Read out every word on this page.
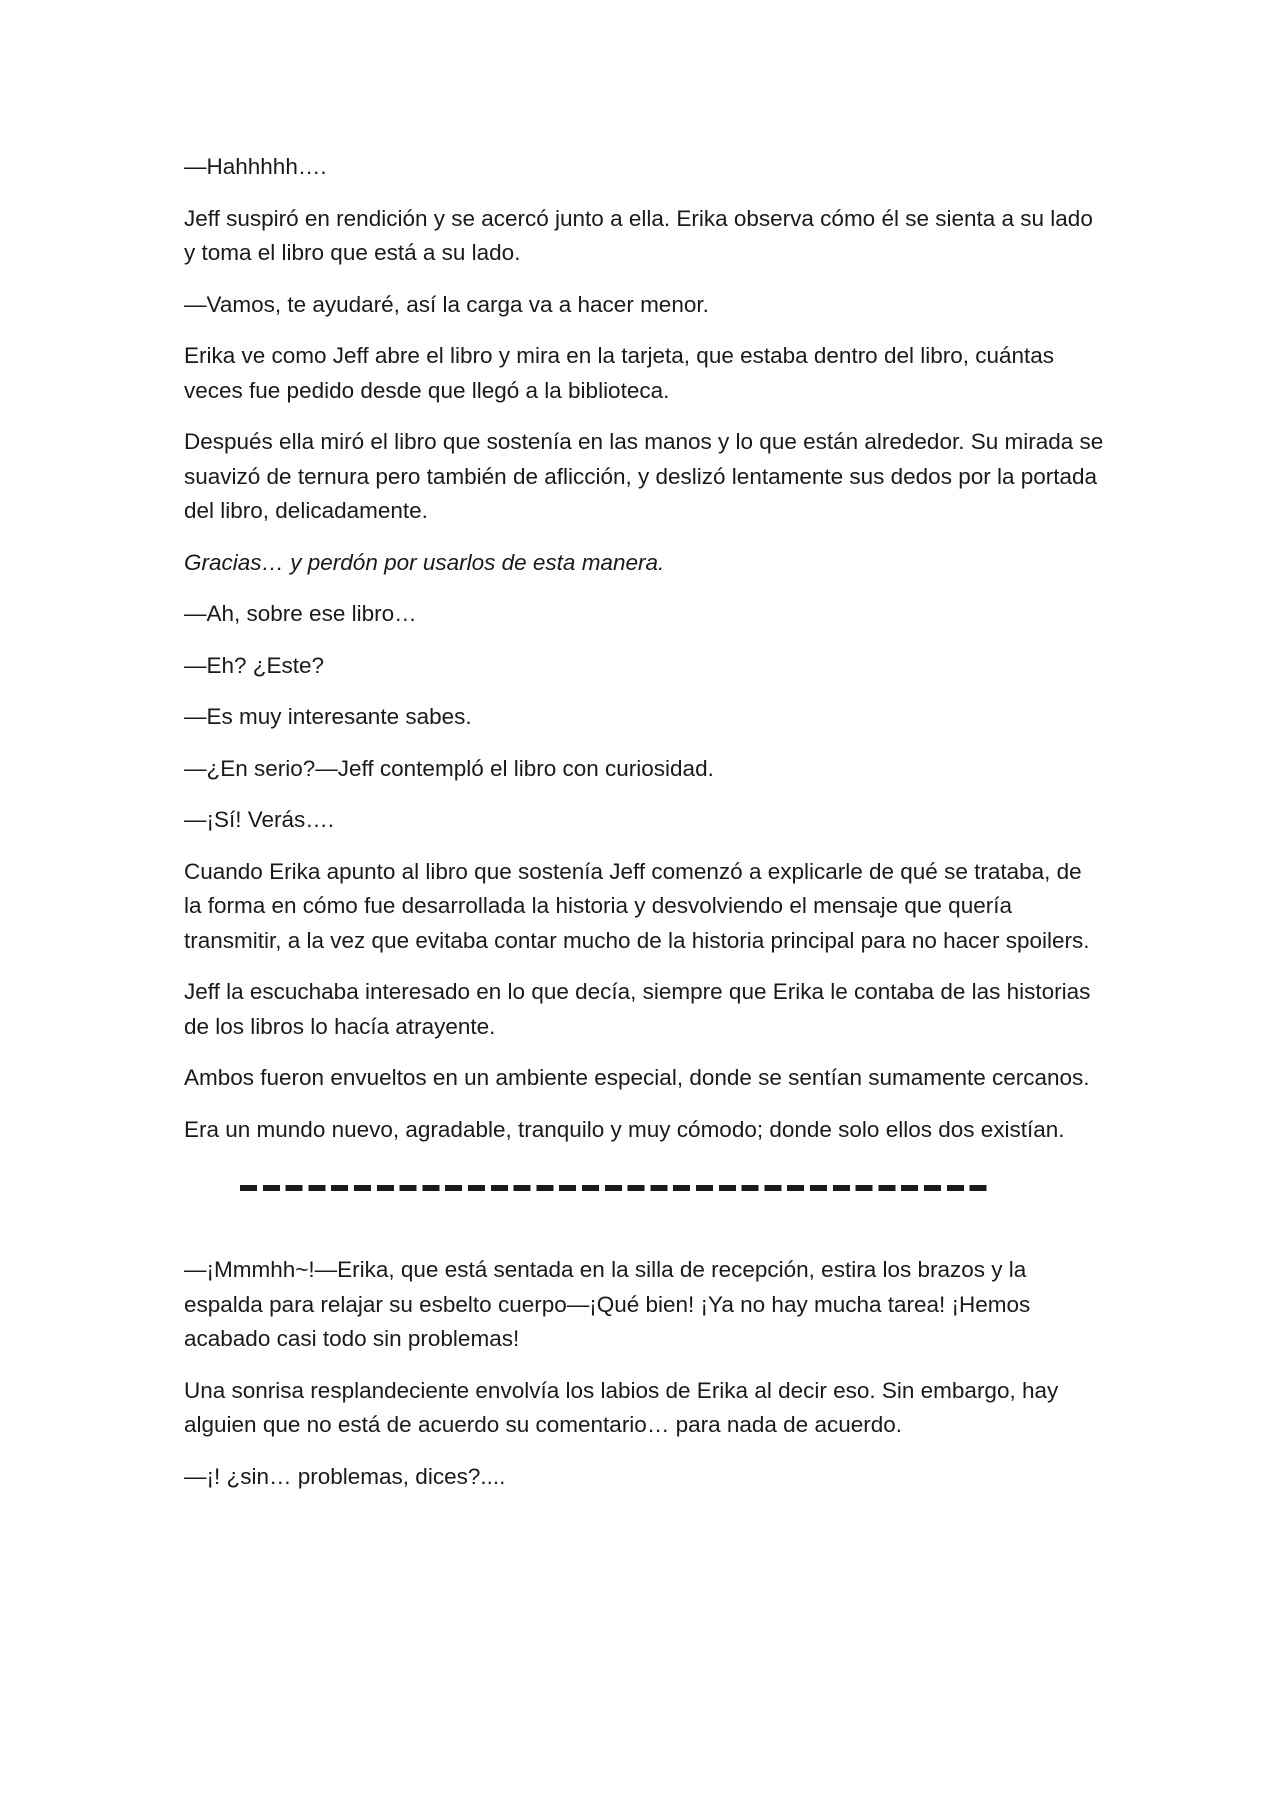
—Hahhhhh….

Jeff suspiró en rendición y se acercó junto a ella. Erika observa cómo él se sienta a su lado y toma el libro que está a su lado.

—Vamos, te ayudaré, así la carga va a hacer menor.

Erika ve como Jeff abre el libro y mira en la tarjeta, que estaba dentro del libro, cuántas veces fue pedido desde que llegó a la biblioteca.

Después ella miró el libro que sostenía en las manos y lo que están alrededor. Su mirada se suavizó de ternura pero también de aflicción, y deslizó lentamente sus dedos por la portada del libro, delicadamente.

Gracias… y perdón por usarlos de esta manera.

—Ah, sobre ese libro…

—Eh? ¿Este?

—Es muy interesante sabes.

—¿En serio?—Jeff contempló el libro con curiosidad.

—¡Sí! Verás….

Cuando Erika apunto al libro que sostenía Jeff comenzó a explicarle de qué se trataba, de la forma en cómo fue desarrollada la historia y desvolviendo el mensaje que quería transmitir, a la vez que evitaba contar mucho de la historia principal para no hacer spoilers.

Jeff la escuchaba interesado en lo que decía, siempre que Erika le contaba de las historias de los libros lo hacía atrayente.

Ambos fueron envueltos en un ambiente especial, donde se sentían sumamente cercanos.

Era un mundo nuevo, agradable, tranquilo y muy cómodo; donde solo ellos dos existían.

—¡Mmmhh~!—Erika, que está sentada en la silla de recepción, estira los brazos y la espalda para relajar su esbelto cuerpo—¡Qué bien! ¡Ya no hay mucha tarea! ¡Hemos acabado casi todo sin problemas!

Una sonrisa resplandeciente envolvía los labios de Erika al decir eso. Sin embargo, hay alguien que no está de acuerdo su comentario… para nada de acuerdo.

—¡! ¿sin… problemas, dices?....
